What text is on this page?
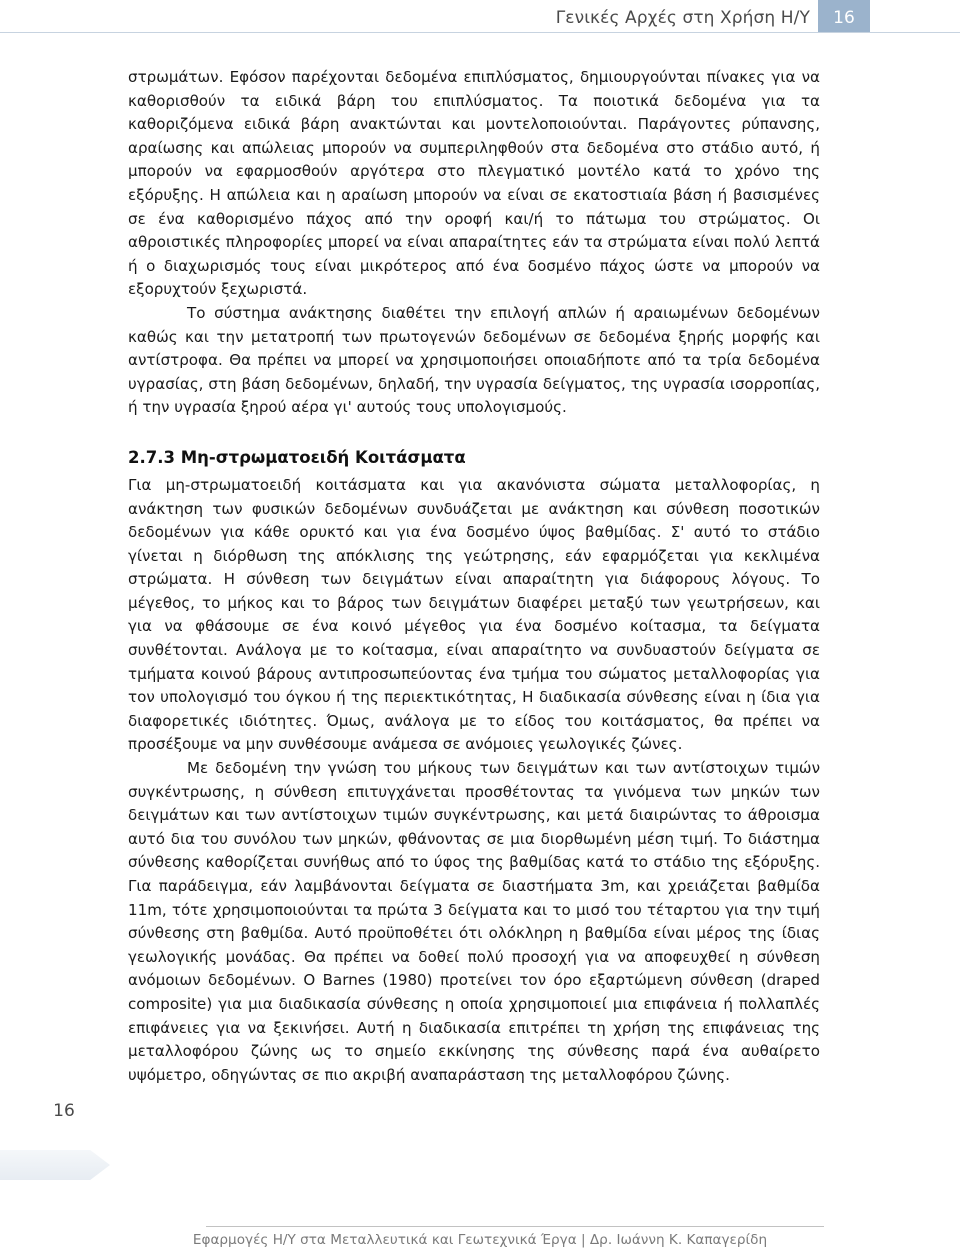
Γενικές Αρχές στη Χρήση Η/Υ	16

στρωμάτων. Εφόσον παρέχονται δεδομένα επιπλύσματος, δημιουργούνται πίνακες για να καθορισθούν τα ειδικά βάρη του επιπλύσματος. Τα ποιοτικά δεδομένα για τα καθοριζόμενα ειδικά βάρη ανακτώνται και μοντελοποιούνται. Παράγοντες ρύπανσης, αραίωσης και απώλειας μπορούν να συμπεριληφθούν στα δεδομένα στο στάδιο αυτό, ή μπορούν να εφαρμοσθούν αργότερα στο πλεγματικό μοντέλο κατά το χρόνο της εξόρυξης. Η απώλεια και η αραίωση μπορούν να είναι σε εκατοστιαία βάση ή βασισμένες σε ένα καθορισμένο πάχος από την οροφή και/ή το πάτωμα του στρώματος. Οι αθροιστικές πληροφορίες μπορεί να είναι απαραίτητες εάν τα στρώματα είναι πολύ λεπτά ή ο διαχωρισμός τους είναι μικρότερος από ένα δοσμένο πάχος ώστε να μπορούν να εξορυχτούν ξεχωριστά.

Το σύστημα ανάκτησης διαθέτει την επιλογή απλών ή αραιωμένων δεδομένων καθώς και την μετατροπή των πρωτογενών δεδομένων σε δεδομένα ξηρής μορφής και αντίστροφα. Θα πρέπει να μπορεί να χρησιμοποιήσει οποιαδήποτε από τα τρία δεδομένα υγρασίας, στη βάση δεδομένων, δηλαδή, την υγρασία δείγματος, της υγρασία ισορροπίας, ή την υγρασία ξηρού αέρα γι' αυτούς τους υπολογισμούς.

2.7.3 Μη-στρωματοειδή Κοιτάσματα

Για μη-στρωματοειδή κοιτάσματα και για ακανόνιστα σώματα μεταλλοφορίας, η ανάκτηση των φυσικών δεδομένων συνδυάζεται με ανάκτηση και σύνθεση ποσοτικών δεδομένων για κάθε ορυκτό και για ένα δοσμένο ύψος βαθμίδας. Σ' αυτό το στάδιο γίνεται η διόρθωση της απόκλισης της γεώτρησης, εάν εφαρμόζεται για κεκλιμένα στρώματα. Η σύνθεση των δειγμάτων είναι απαραίτητη για διάφορους λόγους. Το μέγεθος, το μήκος και το βάρος των δειγμάτων διαφέρει μεταξύ των γεωτρήσεων, και για να φθάσουμε σε ένα κοινό μέγεθος για ένα δοσμένο κοίτασμα, τα δείγματα συνθέτονται. Ανάλογα με το κοίτασμα, είναι απαραίτητο να συνδυαστούν δείγματα σε τμήματα κοινού βάρους αντιπροσωπεύοντας ένα τμήμα του σώματος μεταλλοφορίας για τον υπολογισμό του όγκου ή της περιεκτικότητας, Η διαδικασία σύνθεσης είναι η ίδια για διαφορετικές ιδιότητες. Όμως, ανάλογα με το είδος του κοιτάσματος, θα πρέπει να προσέξουμε να μην συνθέσουμε ανάμεσα σε ανόμοιες γεωλογικές ζώνες.

Με δεδομένη την γνώση του μήκους των δειγμάτων και των αντίστοιχων τιμών συγκέντρωσης, η σύνθεση επιτυγχάνεται προσθέτοντας τα γινόμενα των μηκών των δειγμάτων και των αντίστοιχων τιμών συγκέντρωσης, και μετά διαιρώντας το άθροισμα αυτό δια του συνόλου των μηκών, φθάνοντας σε μια διορθωμένη μέση τιμή. Το διάστημα σύνθεσης καθορίζεται συνήθως από το ύφος της βαθμίδας κατά το στάδιο της εξόρυξης. Για παράδειγμα, εάν λαμβάνονται δείγματα σε διαστήματα 3m, και χρειάζεται βαθμίδα 11m, τότε χρησιμοποιούνται τα πρώτα 3 δείγματα και το μισό του τέταρτου για την τιμή σύνθεσης στη βαθμίδα. Αυτό προϋποθέτει ότι ολόκληρη η βαθμίδα είναι μέρος της ίδιας γεωλογικής μονάδας. Θα πρέπει να δοθεί πολύ προσοχή για να αποφευχθεί η σύνθεση ανόμοιων δεδομένων. Ο Barnes (1980) προτείνει τον όρο εξαρτώμενη σύνθεση (draped composite) για μια διαδικασία σύνθεσης η οποία χρησιμοποιεί μια επιφάνεια ή πολλαπλές επιφάνειες για να ξεκινήσει. Αυτή η διαδικασία επιτρέπει τη χρήση της επιφάνειας της μεταλλοφόρου ζώνης ως το σημείο εκκίνησης της σύνθεσης παρά ένα αυθαίρετο υψόμετρο, οδηγώντας σε πιο ακριβή αναπαράσταση της μεταλλοφόρου ζώνης.

16
Εφαρμογές Η/Υ στα Μεταλλευτικά και Γεωτεχνικά Έργα | Δρ. Ιωάννη Κ. Καπαγερίδη
